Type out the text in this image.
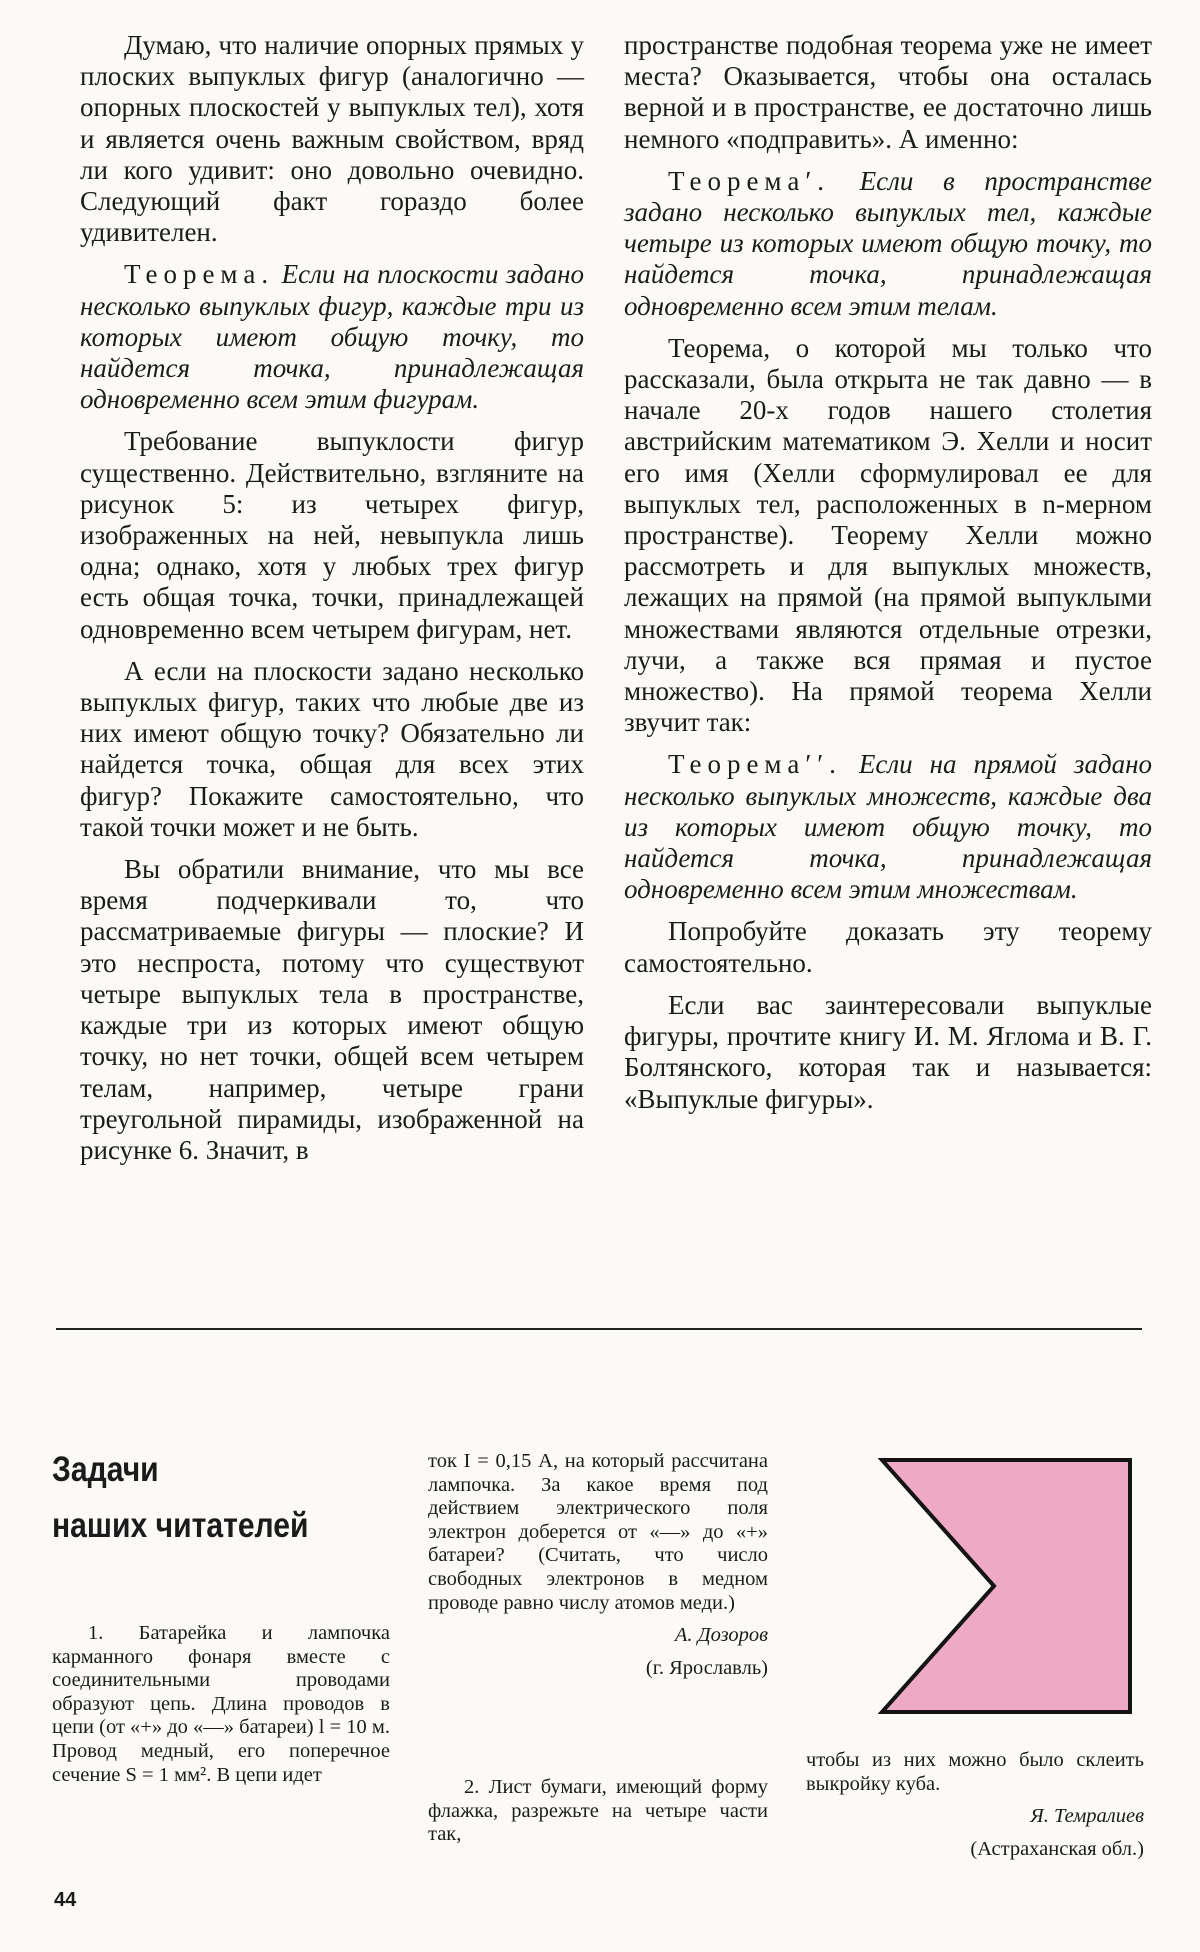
Думаю, что наличие опорных прямых у плоских выпуклых фигур (аналогично — опорных плоскостей у выпуклых тел), хотя и является очень важным свойством, вряд ли кого удивит: оно довольно очевидно. Следующий факт гораздо более удивителен.

Теорема. Если на плоскости задано несколько выпуклых фигур, каждые три из которых имеют общую точку, то найдется точка, принадлежащая одновременно всем этим фигурам.

Требование выпуклости фигур существенно. Действительно, взгляните на рисунок 5: из четырех фигур, изображенных на ней, невыпукла лишь одна; однако, хотя у любых трех фигур есть общая точка, точки, принадлежащей одновременно всем четырем фигурам, нет.

А если на плоскости задано несколько выпуклых фигур, таких что любые две из них имеют общую точку? Обязательно ли найдется точка, общая для всех этих фигур? Покажите самостоятельно, что такой точки может и не быть.

Вы обратили внимание, что мы все время подчеркивали то, что рассматриваемые фигуры — плоские? И это неспроста, потому что существуют четыре выпуклых тела в пространстве, каждые три из которых имеют общую точку, но нет точки, общей всем четырем телам, например, четыре грани треугольной пирамиды, изображенной на рисунке 6. Значит, в

пространстве подобная теорема уже не имеет места? Оказывается, чтобы она осталась верной и в пространстве, ее достаточно лишь немного «подправить». А именно:

Теорема′. Если в пространстве задано несколько выпуклых тел, каждые четыре из которых имеют общую точку, то найдется точка, принадлежащая одновременно всем этим телам.

Теорема, о которой мы только что рассказали, была открыта не так давно — в начале 20-х годов нашего столетия австрийским математиком Э. Хелли и носит его имя (Хелли сформулировал ее для выпуклых тел, расположенных в n-мерном пространстве). Теорему Хелли можно рассмотреть и для выпуклых множеств, лежащих на прямой (на прямой выпуклыми множествами являются отдельные отрезки, лучи, а также вся прямая и пустое множество). На прямой теорема Хелли звучит так:

Теорема′′. Если на прямой задано несколько выпуклых множеств, каждые два из которых имеют общую точку, то найдется точка, принадлежащая одновременно всем этим множествам.

Попробуйте доказать эту теорему самостоятельно.

Если вас заинтересовали выпуклые фигуры, прочтите книгу И. М. Яглома и В. Г. Болтянского, которая так и называется: «Выпуклые фигуры».

Задачи
наших читателей

1. Батарейка и лампочка карманного фонаря вместе с соединительными проводами образуют цепь. Длина проводов в цепи (от «+» до «—» батареи) l = 10 м. Провод медный, его поперечное сечение S = 1 мм². В цепи идет

ток I = 0,15 А, на который рассчитана лампочка. За какое время под действием электрического поля электрон доберется от «—» до «+» батареи? (Считать, что число свободных электронов в медном проводе равно числу атомов меди.)

А. Дозоров

(г. Ярославль)

2. Лист бумаги, имеющий форму флажка, разрежьте на четыре части так,

чтобы из них можно было склеить выкройку куба.

Я. Темралиев

(Астраханская обл.)

44
